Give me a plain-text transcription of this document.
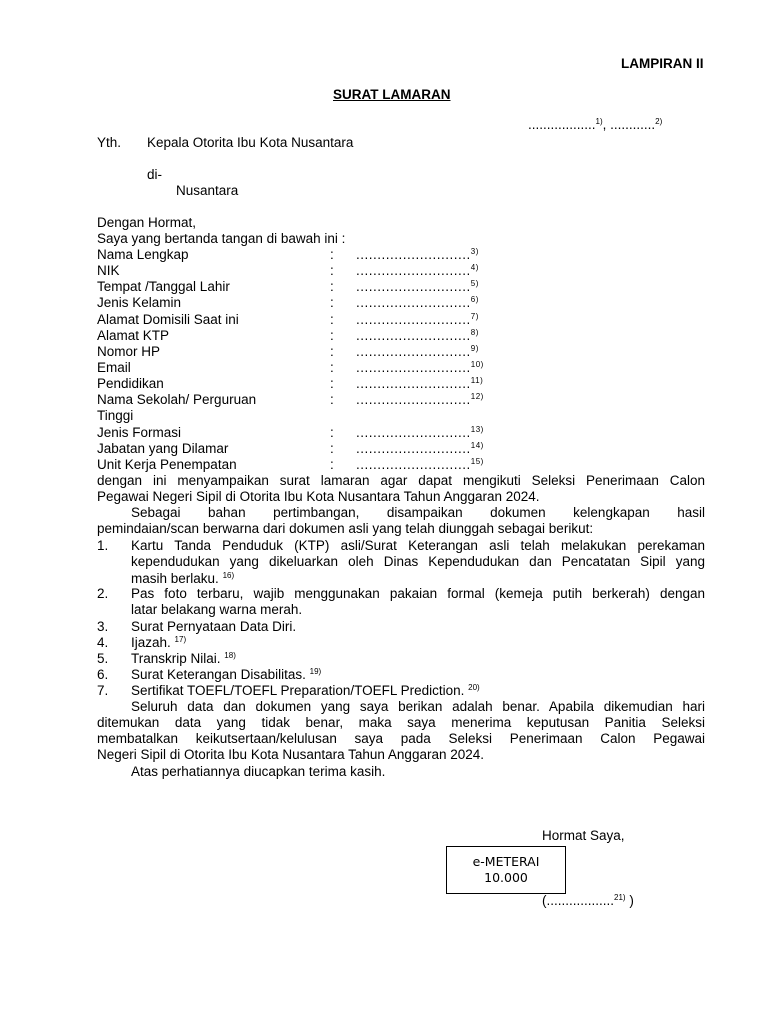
LAMPIRAN II
SURAT LAMARAN
..................$^{1)}$, ............$^{2)}$
Yth. Kepala Otorita Ibu Kota Nusantara
di-
Nusantara
Dengan Hormat,
Saya yang bertanda tangan di bawah ini :
Nama Lengkap	: ...........................$^{3)}$
NIK	: ...........................$^{4)}$
Tempat /Tanggal Lahir	: ...........................$^{5)}$
Jenis Kelamin	: ...........................$^{6)}$
Alamat Domisili Saat ini	: ...........................$^{7)}$
Alamat KTP	: ...........................$^{8)}$
Nomor HP	: ...........................$^{9)}$
Email	: ...........................$^{10)}$
Pendidikan	: ...........................$^{11)}$
Nama Sekolah/ Perguruan	: ...........................$^{12)}$
Tinggi
Jenis Formasi	: ...........................$^{13)}$
Jabatan yang Dilamar	: ...........................$^{14)}$
Unit Kerja Penempatan	: ...........................$^{15)}$
dengan ini menyampaikan surat lamaran agar dapat mengikuti Seleksi Penerimaan Calon
Pegawai Negeri Sipil di Otorita Ibu Kota Nusantara Tahun Anggaran 2024.
Sebagai bahan pertimbangan, disampaikan dokumen kelengkapan hasil
pemindaian/scan berwarna dari dokumen asli yang telah diunggah sebagai berikut:
1. Kartu Tanda Penduduk (KTP) asli/Surat Keterangan asli telah melakukan perekaman
kependudukan yang dikeluarkan oleh Dinas Kependudukan dan Pencatatan Sipil yang
masih berlaku. $^{16)}$
2. Pas foto terbaru, wajib menggunakan pakaian formal (kemeja putih berkerah) dengan
latar belakang warna merah.
3. Surat Pernyataan Data Diri.
4. Ijazah. $^{17)}$
5. Transkrip Nilai. $^{18)}$
6. Surat Keterangan Disabilitas. $^{19)}$
7. Sertifikat TOEFL/TOEFL Preparation/TOEFL Prediction. $^{20)}$
Seluruh data dan dokumen yang saya berikan adalah benar. Apabila dikemudian hari
ditemukan data yang tidak benar, maka saya menerima keputusan Panitia Seleksi
membatalkan keikutsertaan/kelulusan saya pada Seleksi Penerimaan Calon Pegawai
Negeri Sipil di Otorita Ibu Kota Nusantara Tahun Anggaran 2024.
Atas perhatiannya diucapkan terima kasih.
Hormat Saya,
e-METERAI
10.000
(..................$^{21)}$ )
